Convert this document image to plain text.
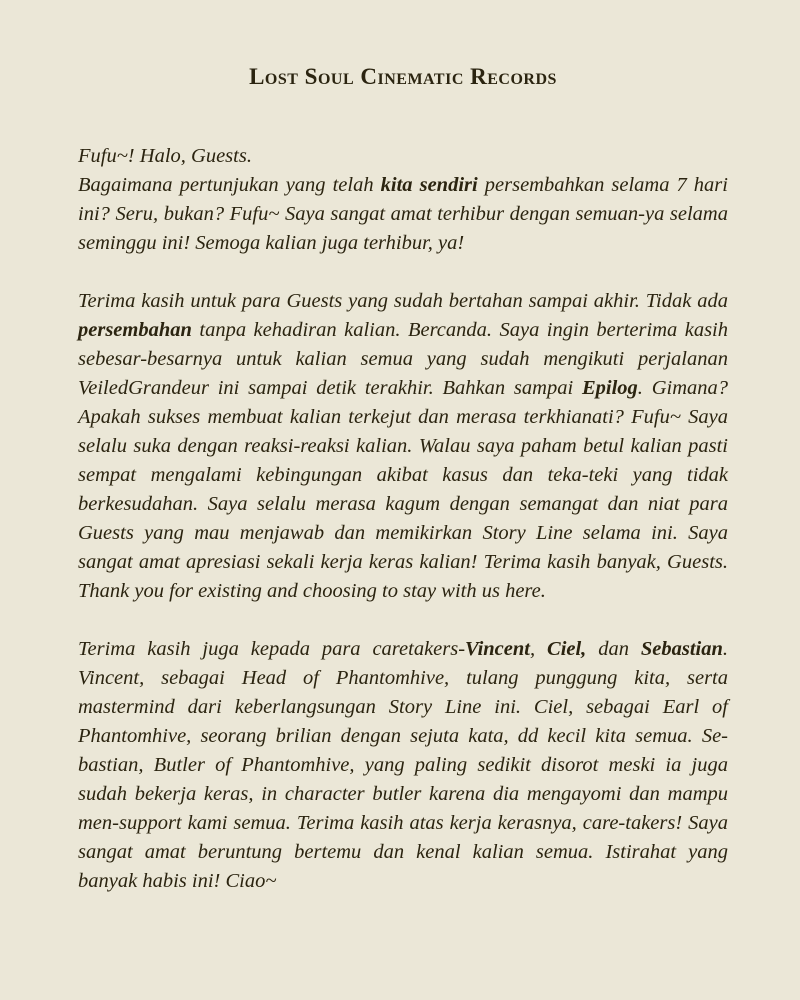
Lost Soul Cinematic Records

Fufu~! Halo, Guests.
Bagaimana pertunjukan yang telah kita sendiri persembahkan selama 7 hari ini? Seru, bukan? Fufu~ Saya sangat amat terhibur dengan semuan-ya selama seminggu ini! Semoga kalian juga terhibur, ya!

Terima kasih untuk para Guests yang sudah bertahan sampai akhir. Tidak ada persembahan tanpa kehadiran kalian. Bercanda. Saya ingin berterima kasih sebesar-besarnya untuk kalian semua yang sudah mengikuti perjalanan VeiledGrandeur ini sampai detik terakhir. Bahkan sampai Epilog. Gimana? Apakah sukses membuat kalian terkejut dan merasa terkhianati? Fufu~ Saya selalu suka dengan reaksi-reaksi kalian. Walau saya paham betul kalian pasti sempat mengalami kebingungan akibat kasus dan teka-teki yang tidak berkesudahan. Saya selalu merasa kagum dengan semangat dan niat para Guests yang mau menjawab dan memikirkan Story Line selama ini. Saya sangat amat apresiasi sekali kerja keras kalian! Terima kasih banyak, Guests. Thank you for existing and choosing to stay with us here.

Terima kasih juga kepada para caretakers-Vincent, Ciel, dan Sebastian. Vincent, sebagai Head of Phantomhive, tulang punggung kita, serta mastermind dari keberlangsungan Story Line ini. Ciel, sebagai Earl of Phantomhive, seorang brilian dengan sejuta kata, dd kecil kita semua. Se-bastian, Butler of Phantomhive, yang paling sedikit disorot meski ia juga sudah bekerja keras, in character butler karena dia mengayomi dan mampu men-support kami semua. Terima kasih atas kerja kerasnya, care-takers! Saya sangat amat beruntung bertemu dan kenal kalian semua. Istirahat yang banyak habis ini! Ciao~
